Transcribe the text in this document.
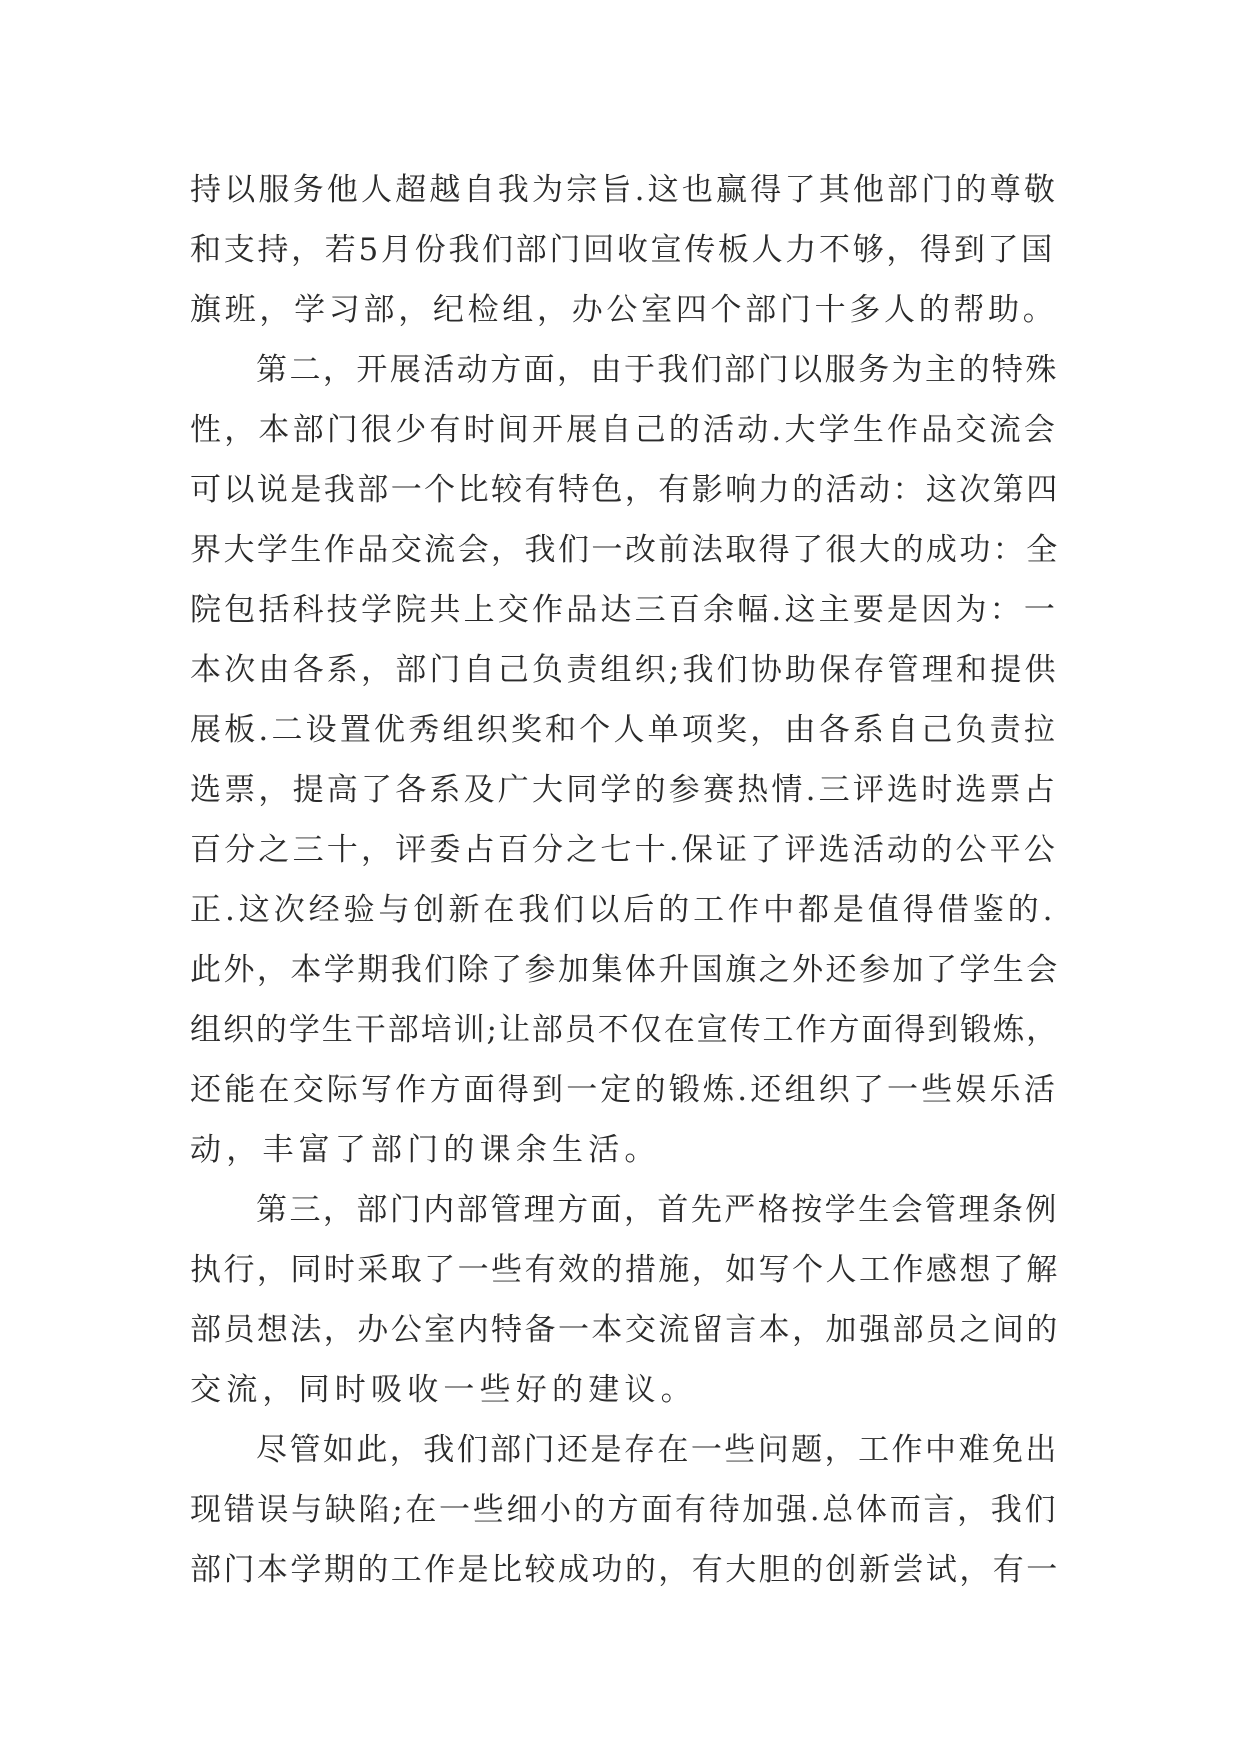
持以服务他人超越自我为宗旨.这也赢得了其他部门的尊敬
和支持，若5月份我们部门回收宣传板人力不够，得到了国
旗班，学习部，纪检组，办公室四个部门十多人的帮助。
第二，开展活动方面，由于我们部门以服务为主的特殊
性，本部门很少有时间开展自己的活动.大学生作品交流会
可以说是我部一个比较有特色，有影响力的活动：这次第四
界大学生作品交流会，我们一改前法取得了很大的成功：全
院包括科技学院共上交作品达三百余幅.这主要是因为：一
本次由各系，部门自己负责组织;我们协助保存管理和提供
展板.二设置优秀组织奖和个人单项奖，由各系自己负责拉
选票，提高了各系及广大同学的参赛热情.三评选时选票占
百分之三十，评委占百分之七十.保证了评选活动的公平公
正.这次经验与创新在我们以后的工作中都是值得借鉴的.
此外，本学期我们除了参加集体升国旗之外还参加了学生会
组织的学生干部培训;让部员不仅在宣传工作方面得到锻炼，
还能在交际写作方面得到一定的锻炼.还组织了一些娱乐活
动，丰富了部门的课余生活。
第三，部门内部管理方面，首先严格按学生会管理条例
执行，同时采取了一些有效的措施，如写个人工作感想了解
部员想法，办公室内特备一本交流留言本，加强部员之间的
交流，同时吸收一些好的建议。
尽管如此，我们部门还是存在一些问题，工作中难免出
现错误与缺陷;在一些细小的方面有待加强.总体而言，我们
部门本学期的工作是比较成功的，有大胆的创新尝试，有一
